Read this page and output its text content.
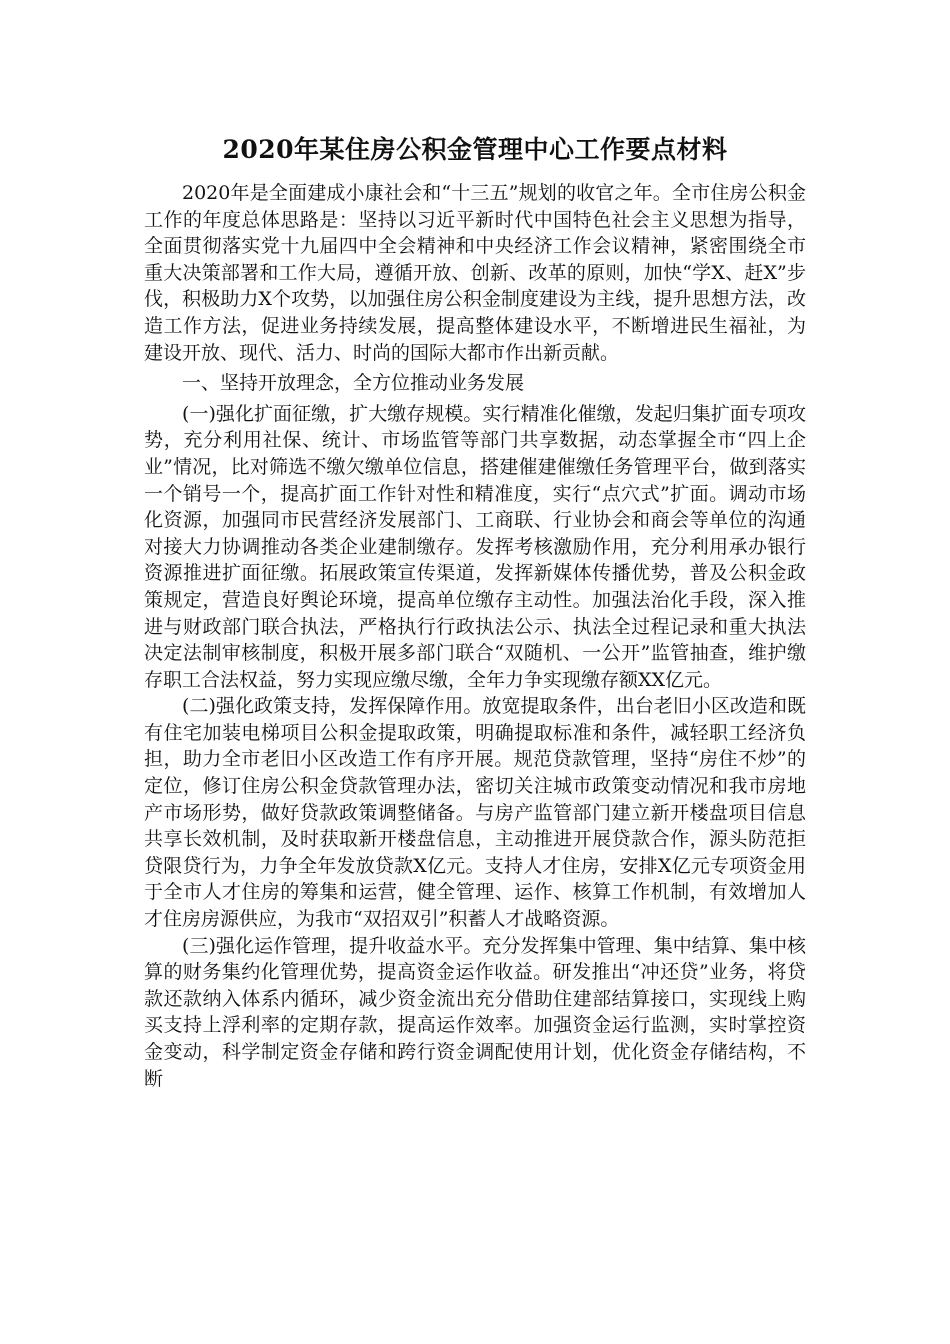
2020年某住房公积金管理中心工作要点材料

2020年是全面建成小康社会和“十三五”规划的收官之年。全市住房公积金工作的年度总体思路是：坚持以习近平新时代中国特色社会主义思想为指导，全面贯彻落实党十九届四中全会精神和中央经济工作会议精神，紧密围绕全市重大决策部署和工作大局，遵循开放、创新、改革的原则，加快“学X、赶X”步伐，积极助力X个攻势，以加强住房公积金制度建设为主线，提升思想方法，改造工作方法，促进业务持续发展，提高整体建设水平，不断增进民生福祉，为建设开放、现代、活力、时尚的国际大都市作出新贡献。

一、坚持开放理念，全方位推动业务发展

(一)强化扩面征缴，扩大缴存规模。实行精准化催缴，发起归集扩面专项攻势，充分利用社保、统计、市场监管等部门共享数据，动态掌握全市“四上企业”情况，比对筛选不缴欠缴单位信息，搭建催建催缴任务管理平台，做到落实一个销号一个，提高扩面工作针对性和精准度，实行“点穴式”扩面。调动市场化资源，加强同市民营经济发展部门、工商联、行业协会和商会等单位的沟通对接大力协调推动各类企业建制缴存。发挥考核激励作用，充分利用承办银行资源推进扩面征缴。拓展政策宣传渠道，发挥新媒体传播优势，普及公积金政策规定，营造良好舆论环境，提高单位缴存主动性。加强法治化手段，深入推进与财政部门联合执法，严格执行行政执法公示、执法全过程记录和重大执法决定法制审核制度，积极开展多部门联合“双随机、一公开”监管抽查，维护缴存职工合法权益，努力实现应缴尽缴，全年力争实现缴存额XX亿元。

(二)强化政策支持，发挥保障作用。放宽提取条件，出台老旧小区改造和既有住宅加装电梯项目公积金提取政策，明确提取标准和条件，减轻职工经济负担，助力全市老旧小区改造工作有序开展。规范贷款管理，坚持“房住不炒”的定位，修订住房公积金贷款管理办法，密切关注城市政策变动情况和我市房地产市场形势，做好贷款政策调整储备。与房产监管部门建立新开楼盘项目信息共享长效机制，及时获取新开楼盘信息，主动推进开展贷款合作，源头防范拒贷限贷行为，力争全年发放贷款X亿元。支持人才住房，安排X亿元专项资金用于全市人才住房的筹集和运营，健全管理、运作、核算工作机制，有效增加人才住房房源供应，为我市“双招双引”积蓄人才战略资源。

(三)强化运作管理，提升收益水平。充分发挥集中管理、集中结算、集中核算的财务集约化管理优势，提高资金运作收益。研发推出“冲还贷”业务，将贷款还款纳入体系内循环，减少资金流出充分借助住建部结算接口，实现线上购买支持上浮利率的定期存款，提高运作效率。加强资金运行监测，实时掌控资金变动，科学制定资金存储和跨行资金调配使用计划，优化资金存储结构，不断
